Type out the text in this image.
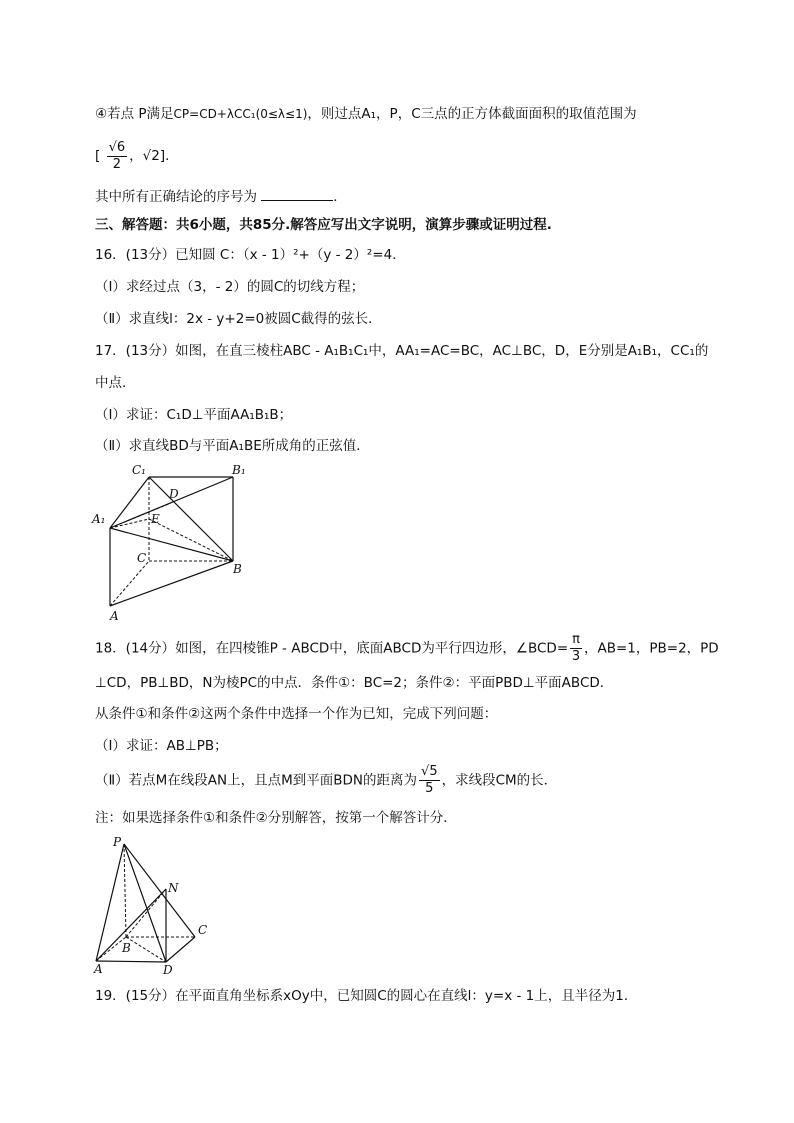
④若点 P满足CP=CD+λCC₁(0≤λ≤1)，则过点A₁，P，C三点的正方体截面面积的取值范围为
[ $\frac{√6}{2}$ ，√2]．
其中所有正确结论的序号为	．
三、解答题：共6小题，共85分.解答应写出文字说明，演算步骤或证明过程.
16．(13分）已知圆 C：（x - 1）²+（y - 2）²=4．
（Ⅰ）求经过点（3，- 2）的圆C的切线方程；
（Ⅱ）求直线l：2x - y+2=0被圆C截得的弦长．
17．(13分）如图，在直三棱柱ABC - A₁B₁C₁中，AA₁=AC=BC，AC⊥BC，D，E分别是A₁B₁，CC₁的
中点．
（Ⅰ）求证：C₁D⊥平面AA₁B₁B；
（Ⅱ）求直线BD与平面A₁BE所成角的正弦值．
C₁	B₁
D
A₁	E
C
B
A
18．(14分）如图，在四棱锥P - ABCD中，底面ABCD为平行四边形，∠BCD= $\frac{\pi}{3}$ ，AB=1，PB=2，PD
⊥CD，PB⊥BD，N为棱PC的中点．条件①：BC=2；条件②：平面PBD⊥平面ABCD．
从条件①和条件②这两个条件中选择一个作为已知，完成下列问题：
（Ⅰ）求证：AB⊥PB；
（Ⅱ）若点M在线段AN上，且点M到平面BDN的距离为 $\frac{√5}{5}$ ，求线段CM的长．
注：如果选择条件①和条件②分别解答，按第一个解答计分．
P
N
C
B
A	D
19．(15分）在平面直角坐标系xOy中，已知圆C的圆心在直线l：y=x - 1上，且半径为1．
